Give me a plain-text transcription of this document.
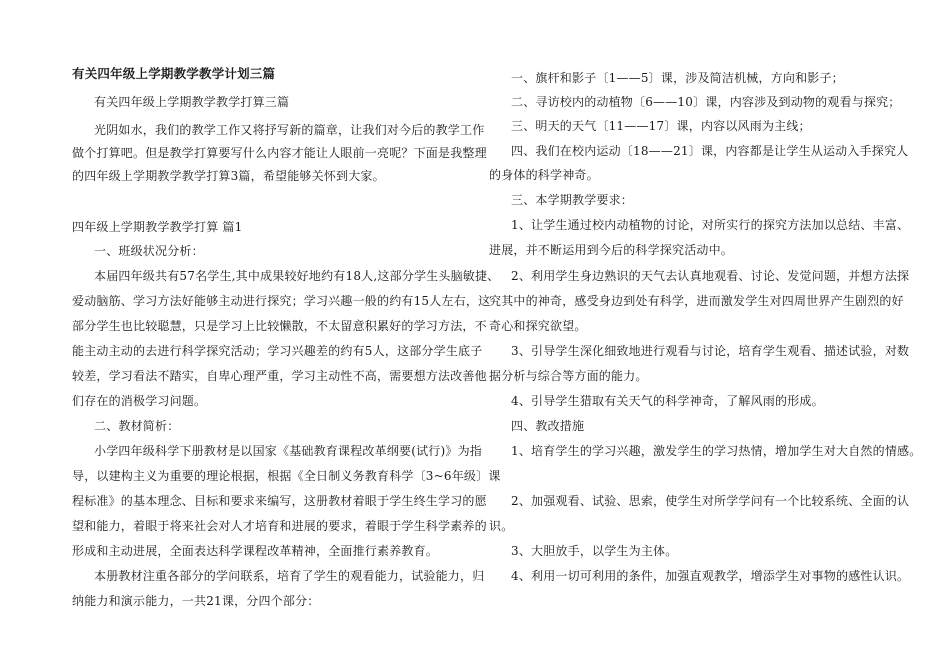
有关四年级上学期教学教学计划三篇
有关四年级上学期教学教学打算三篇
光阴如水，我们的教学工作又将抒写新的篇章，让我们对今后的教学工作
做个打算吧。但是教学打算要写什么内容才能让人眼前一亮呢？下面是我整理
的四年级上学期教学教学打算3篇，希望能够关怀到大家。
四年级上学期教学教学打算 篇1
一、班级状况分析：
本届四年级共有57名学生,其中成果较好地约有18人,这部分学生头脑敏捷、
爱动脑筋、学习方法好能够主动进行探究；学习兴趣一般的约有15人左右，这
部分学生也比较聪慧，只是学习上比较懒散，不太留意积累好的学习方法，不
能主动主动的去进行科学探究活动；学习兴趣差的约有5人，这部分学生底子
较差，学习看法不踏实，自卑心理严重，学习主动性不高，需要想方法改善他
们存在的消极学习问题。
二、教材简析：
小学四年级科学下册教材是以国家《基础教育课程改革纲要(试行)》为指
导，以建构主义为重要的理论根据，根据《全日制义务教育科学〔3~6年级〕课
程标准》的基本理念、目标和要求来编写，这册教材着眼于学生终生学习的愿
望和能力，着眼于将来社会对人才培育和进展的要求，着眼于学生科学素养的
形成和主动进展，全面表达科学课程改革精神，全面推行素养教育。
本册教材注重各部分的学问联系，培育了学生的观看能力，试验能力，归
纳能力和演示能力，一共21课，分四个部分：
一、旗杆和影子〔1——5〕课，涉及简洁机械，方向和影子；
二、寻访校内的动植物〔6——10〕课，内容涉及到动物的观看与探究；
三、明天的天气〔11——17〕课，内容以风雨为主线；
四、我们在校内运动〔18——21〕课，内容都是让学生从运动入手探究人
的身体的科学神奇。
三、本学期教学要求：
1、让学生通过校内动植物的讨论，对所实行的探究方法加以总结、丰富、
进展，并不断运用到今后的科学探究活动中。
2、利用学生身边熟识的天气去认真地观看、讨论、发觉问题，并想方法探
究其中的神奇，感受身边到处有科学，进而激发学生对四周世界产生剧烈的好
奇心和探究欲望。
3、引导学生深化细致地进行观看与讨论，培育学生观看、描述试验，对数
据分析与综合等方面的能力。
4、引导学生猎取有关天气的科学神奇，了解风雨的形成。
四、教改措施
1、培育学生的学习兴趣，激发学生的学习热情，增加学生对大自然的情感。
2、加强观看、试验、思索，使学生对所学学问有一个比较系统、全面的认
识。
3、大胆放手，以学生为主体。
4、利用一切可利用的条件，加强直观教学，增添学生对事物的感性认识。
